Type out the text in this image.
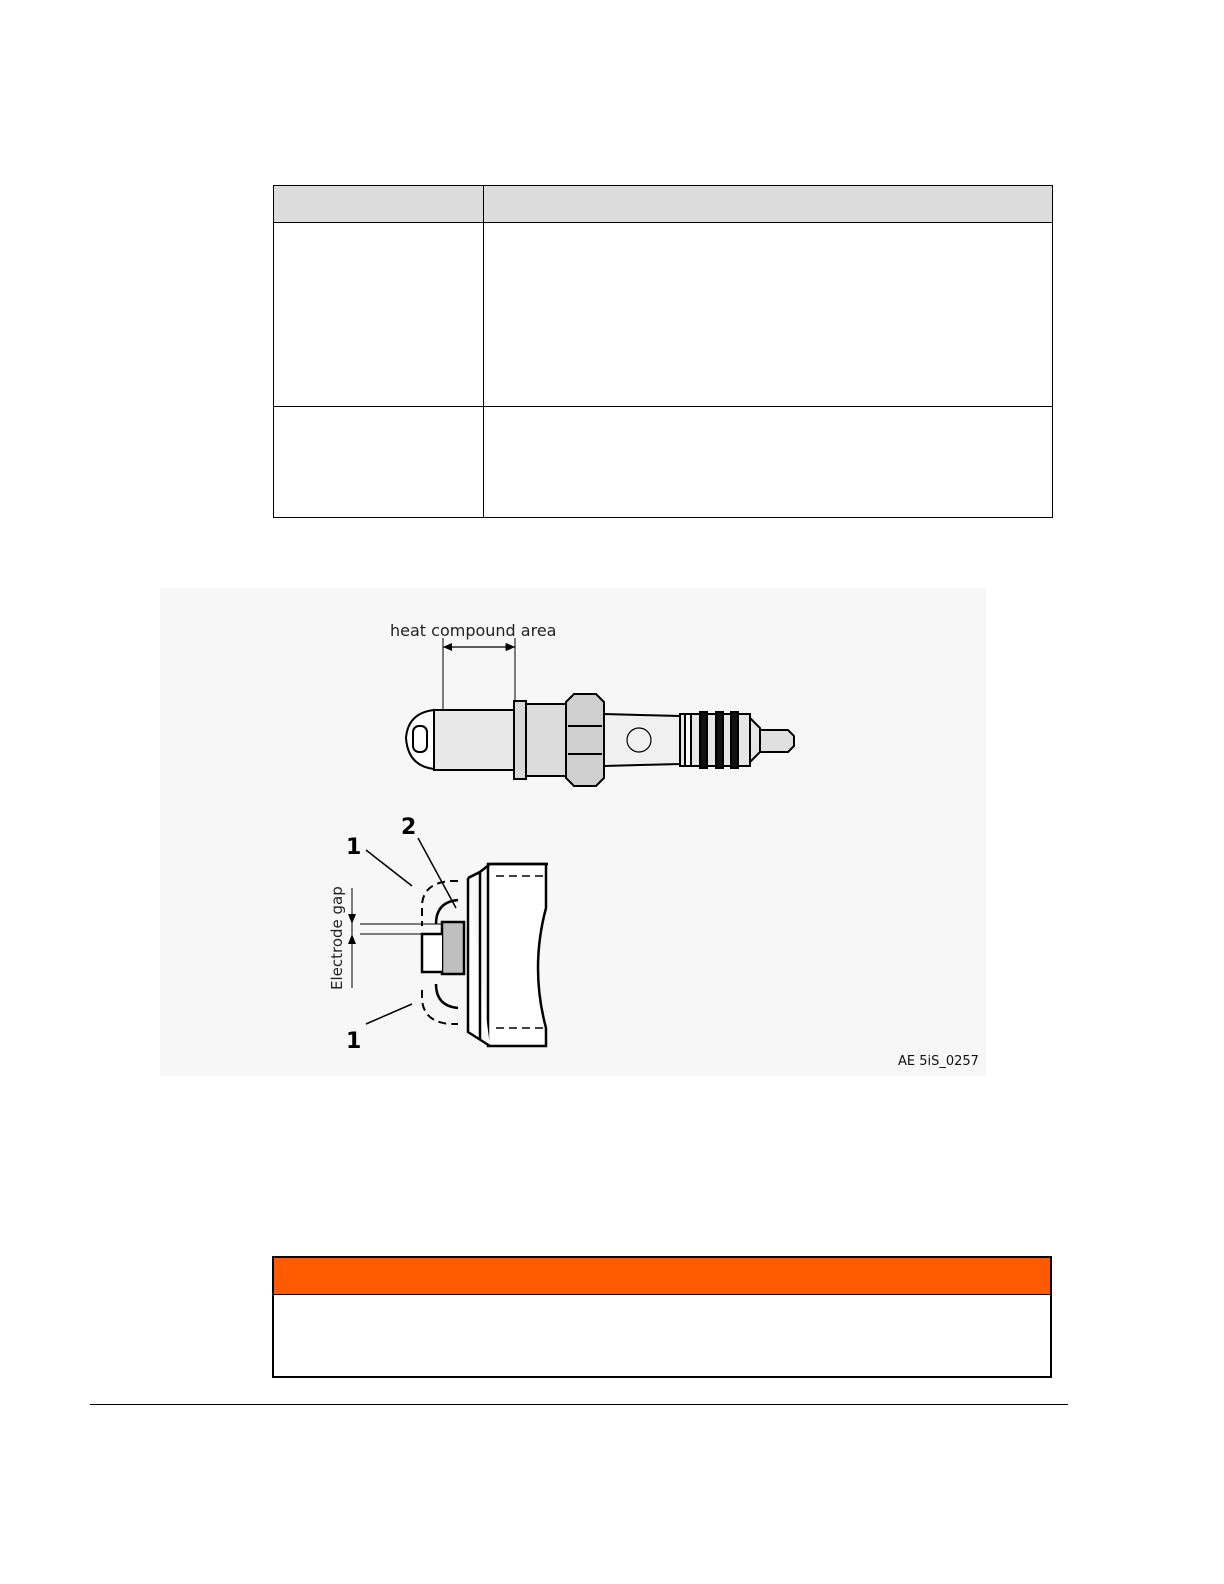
heat compound area
1
2
1
Electrode gap
AE 5iS_0257
